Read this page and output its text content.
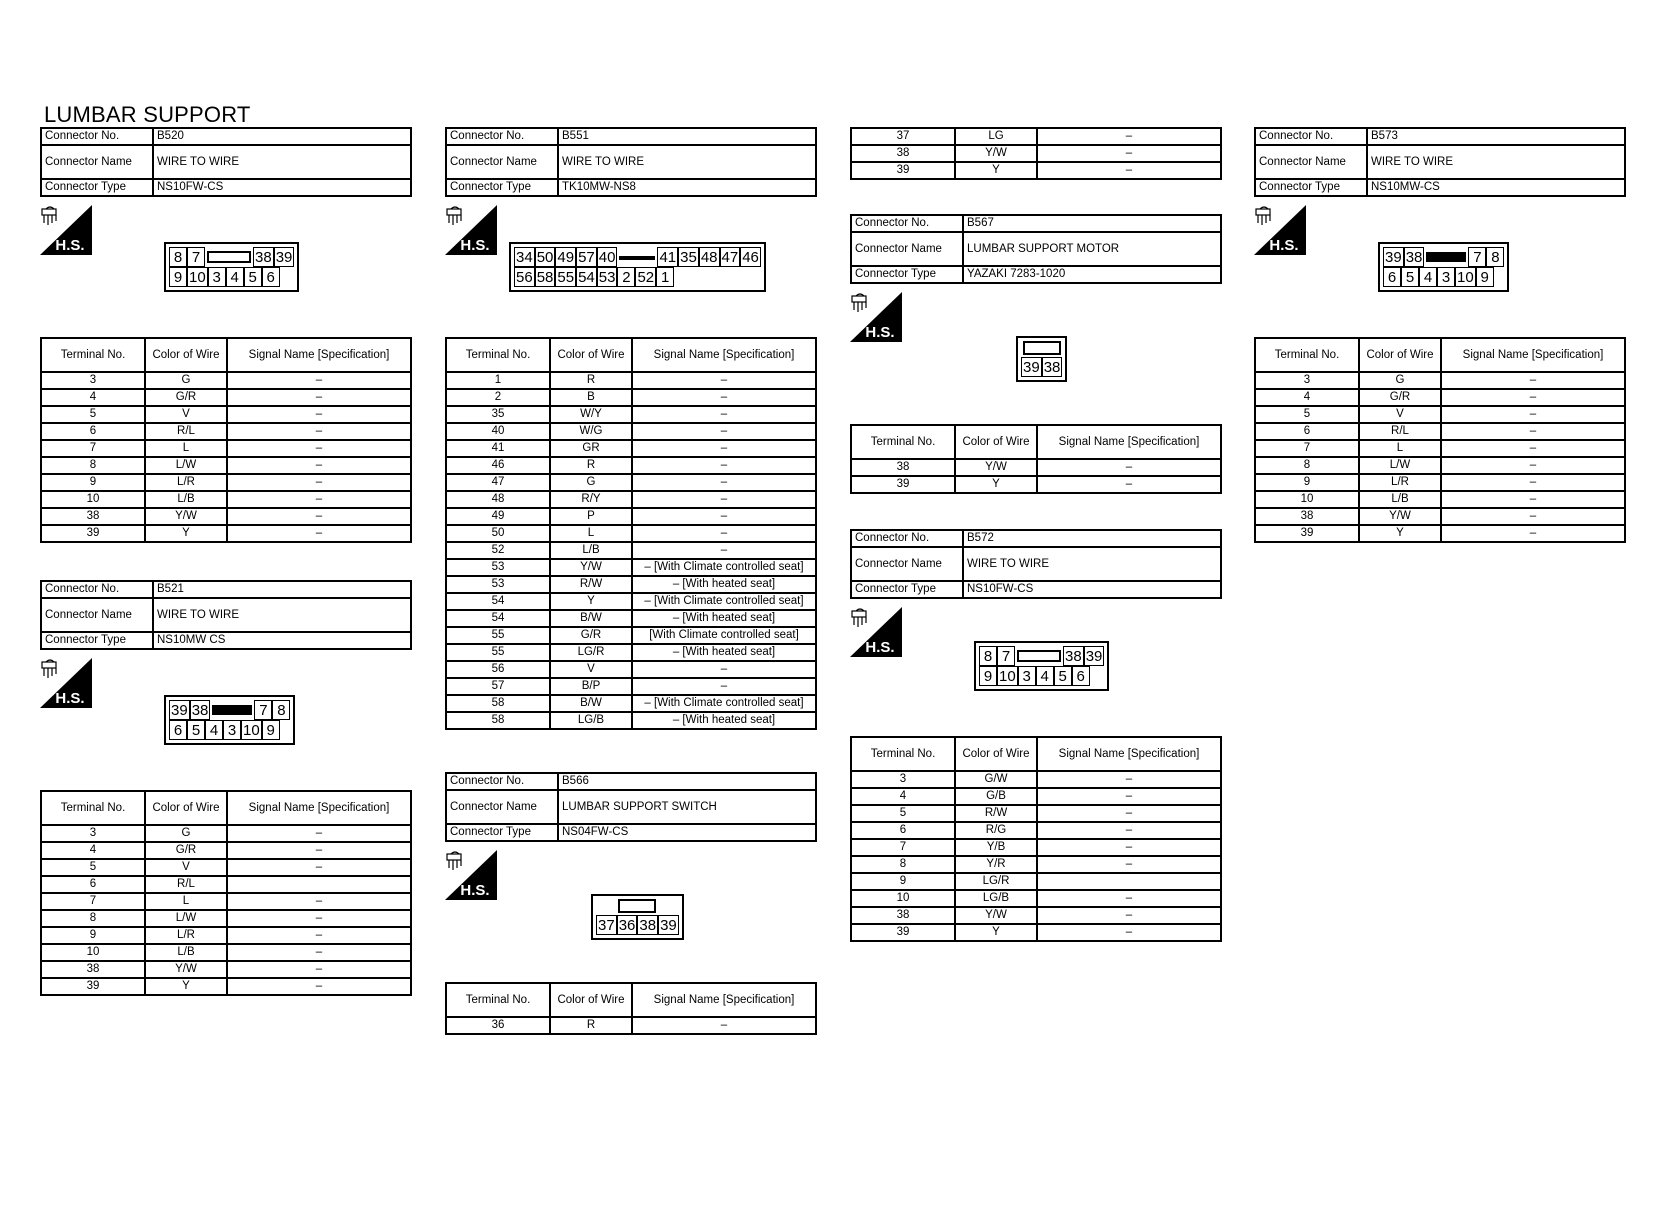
LUMBAR SUPPORT
Connector No.	B520
Connector Name	WIRE TO WIRE
Connector Type	NS10FW-CS
H.S.
8 7	38 39
9 10 3 4 5 6
Terminal No.	Color of Wire	Signal Name [Specification]
3	G	–
4	G/R	–
5	V	–
6	R/L	–
7	L	–
8	L/W	–
9	L/R	–
10	L/B	–
38	Y/W	–
39	Y	–
Connector No.	B521
Connector Name	WIRE TO WIRE
Connector Type	NS10MW CS
H.S.
39 38	7 8
6 5 4 3 10 9
Terminal No.	Color of Wire	Signal Name [Specification]
3	G	–
4	G/R	–
5	V	–
6	R/L	
7	L	–
8	L/W	–
9	L/R	–
10	L/B	–
38	Y/W	–
39	Y	–
Connector No.	B551
Connector Name	WIRE TO WIRE
Connector Type	TK10MW-NS8
H.S.
34 50 49 57 40	41 35 48 47 46
56 58 55 54 53 2 52 1
Terminal No.	Color of Wire	Signal Name [Specification]
1	R	–
2	B	–
35	W/Y	–
40	W/G	–
41	GR	–
46	R	–
47	G	–
48	R/Y	–
49	P	–
50	L	–
52	L/B	–
53	Y/W	– [With Climate controlled seat]
53	R/W	– [With heated seat]
54	Y	– [With Climate controlled seat]
54	B/W	– [With heated seat]
55	G/R	[With Climate controlled seat]
55	LG/R	– [With heated seat]
56	V	–
57	B/P	–
58	B/W	– [With Climate controlled seat]
58	LG/B	– [With heated seat]
Connector No.	B566
Connector Name	LUMBAR SUPPORT SWITCH
Connector Type	NS04FW-CS
H.S.
37 36 38 39
Terminal No.	Color of Wire	Signal Name [Specification]
36	R	–
37	LG	–
38	Y/W	–
39	Y	–
Connector No.	B567
Connector Name	LUMBAR SUPPORT MOTOR
Connector Type	YAZAKI 7283-1020
H.S.
39 38
Terminal No.	Color of Wire	Signal Name [Specification]
38	Y/W	–
39	Y	–
Connector No.	B572
Connector Name	WIRE TO WIRE
Connector Type	NS10FW-CS
H.S.
8 7	38 39
9 10 3 4 5 6
Terminal No.	Color of Wire	Signal Name [Specification]
3	G/W	–
4	G/B	–
5	R/W	–
6	R/G	–
7	Y/B	–
8	Y/R	–
9	LG/R	
10	LG/B	–
38	Y/W	–
39	Y	–
Connector No.	B573
Connector Name	WIRE TO WIRE
Connector Type	NS10MW-CS
H.S.
39 38	7 8
6 5 4 3 10 9
Terminal No.	Color of Wire	Signal Name [Specification]
3	G	–
4	G/R	–
5	V	–
6	R/L	–
7	L	–
8	L/W	–
9	L/R	–
10	L/B	–
38	Y/W	–
39	Y	–
